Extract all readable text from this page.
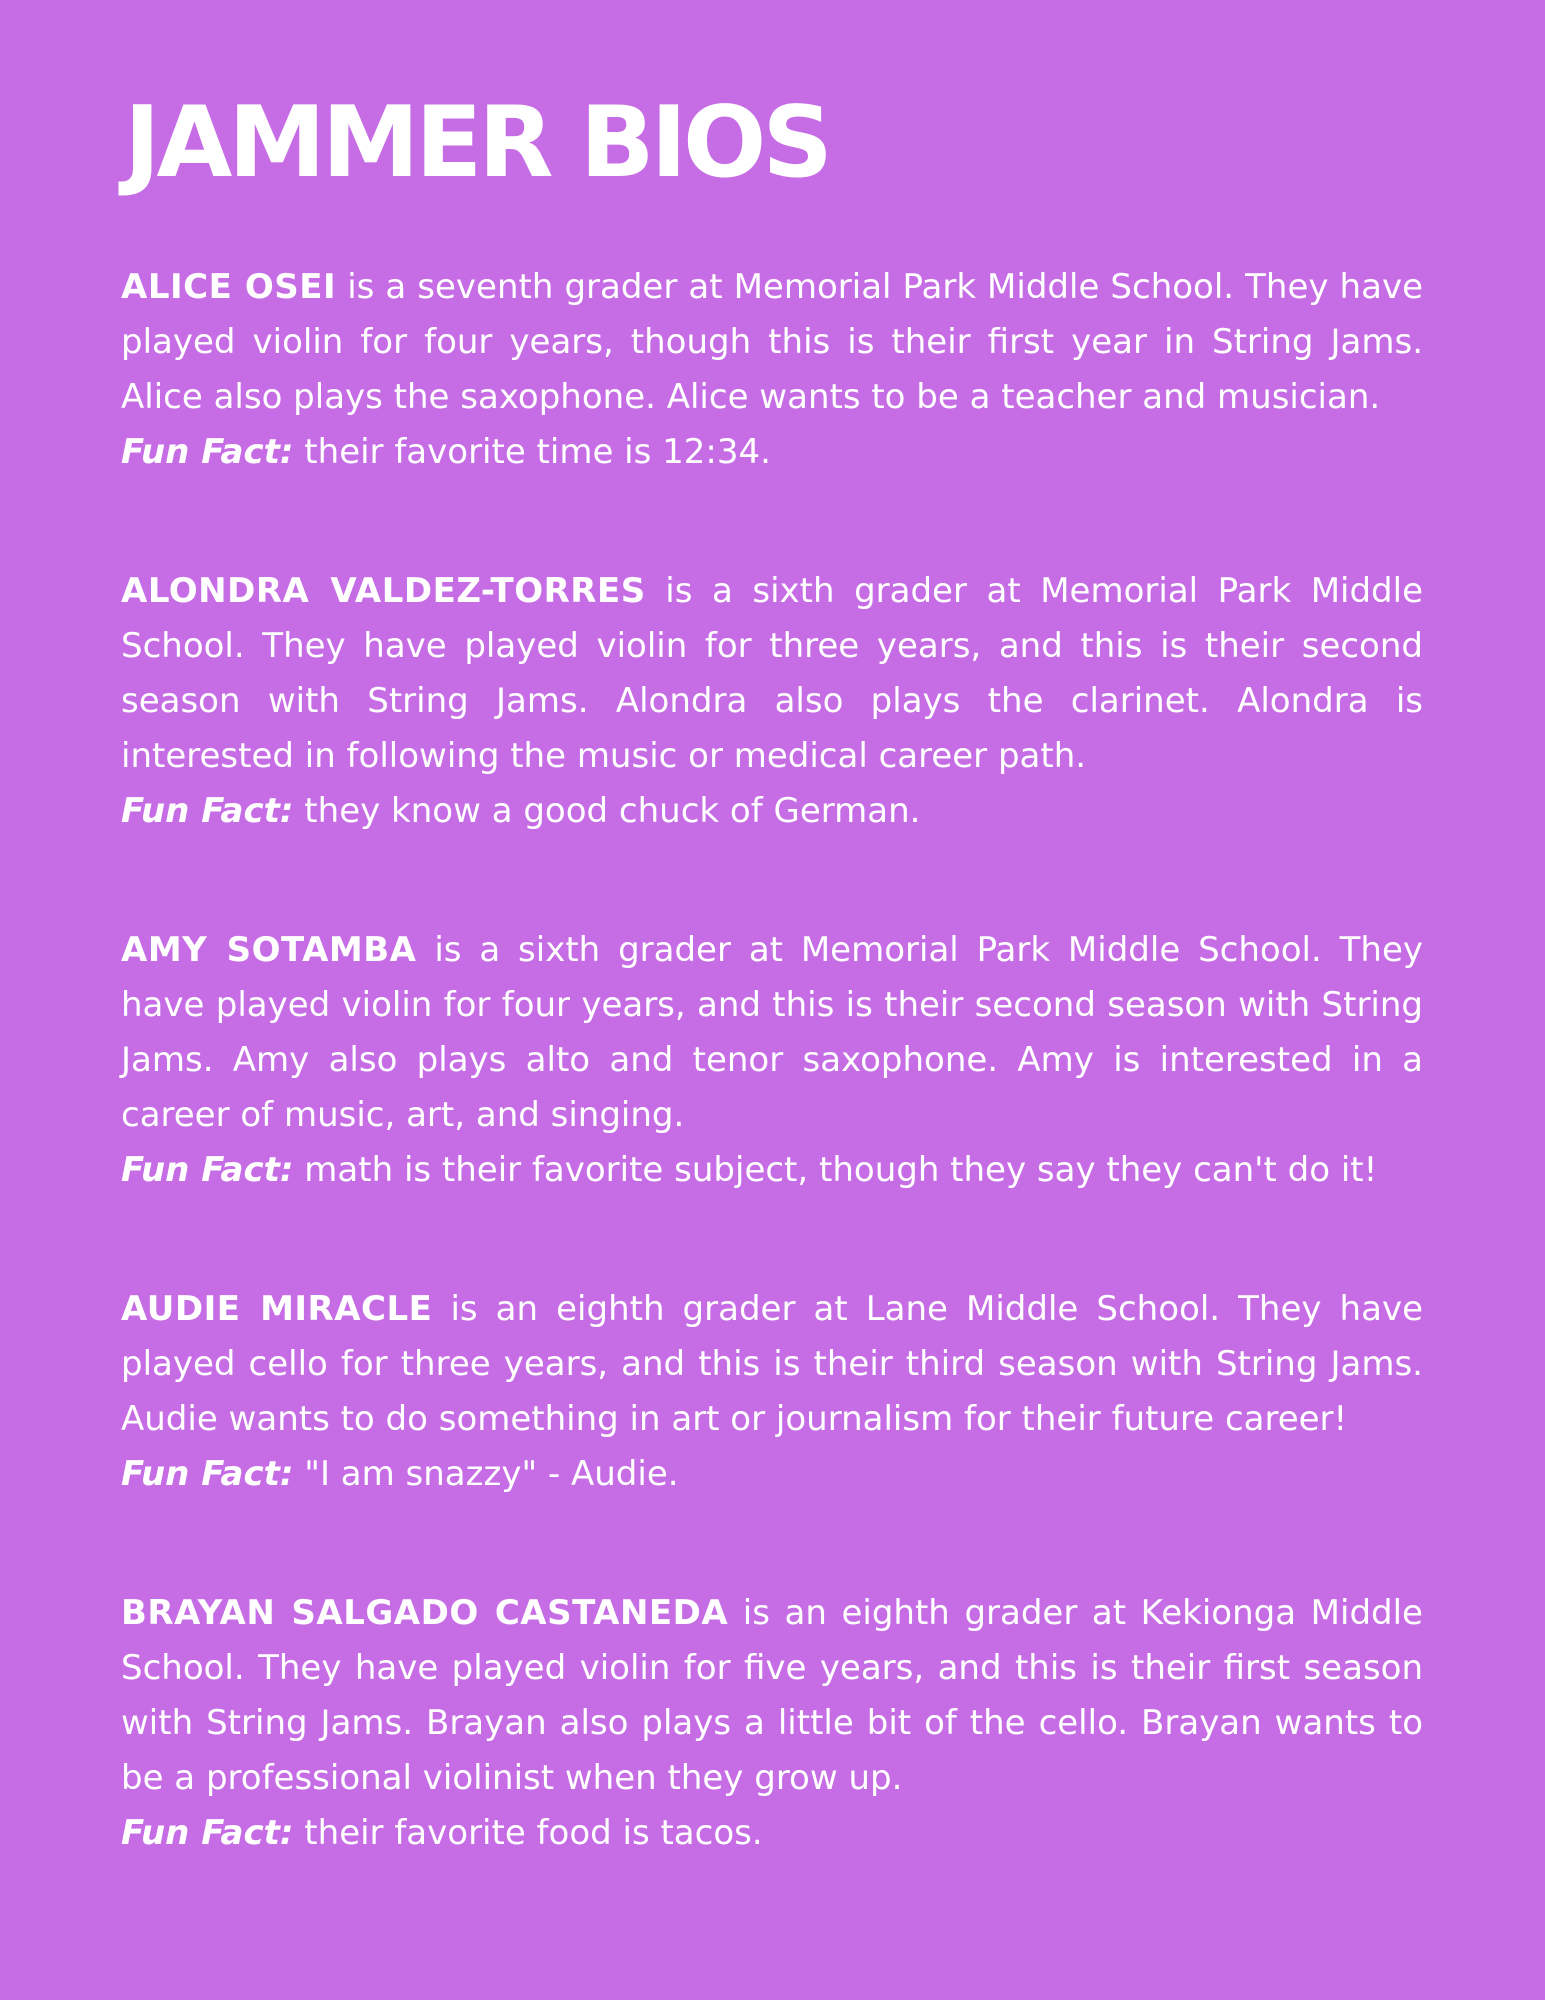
JAMMER BIOS

ALICE OSEI is a seventh grader at Memorial Park Middle School. They have played violin for four years, though this is their first year in String Jams. Alice also plays the saxophone. Alice wants to be a teacher and musician.

Fun Fact: their favorite time is 12:34.

ALONDRA VALDEZ-TORRES is a sixth grader at Memorial Park Middle School. They have played violin for three years, and this is their second season with String Jams. Alondra also plays the clarinet. Alondra is interested in following the music or medical career path.

Fun Fact: they know a good chuck of German.

AMY SOTAMBA is a sixth grader at Memorial Park Middle School. They have played violin for four years, and this is their second season with String Jams. Amy also plays alto and tenor saxophone. Amy is interested in a career of music, art, and singing.

Fun Fact: math is their favorite subject, though they say they can't do it!

AUDIE MIRACLE is an eighth grader at Lane Middle School. They have played cello for three years, and this is their third season with String Jams. Audie wants to do something in art or journalism for their future career!

Fun Fact: "I am snazzy" - Audie.

BRAYAN SALGADO CASTANEDA is an eighth grader at Kekionga Middle School. They have played violin for five years, and this is their first season with String Jams. Brayan also plays a little bit of the cello. Brayan wants to be a professional violinist when they grow up.

Fun Fact: their favorite food is tacos.
